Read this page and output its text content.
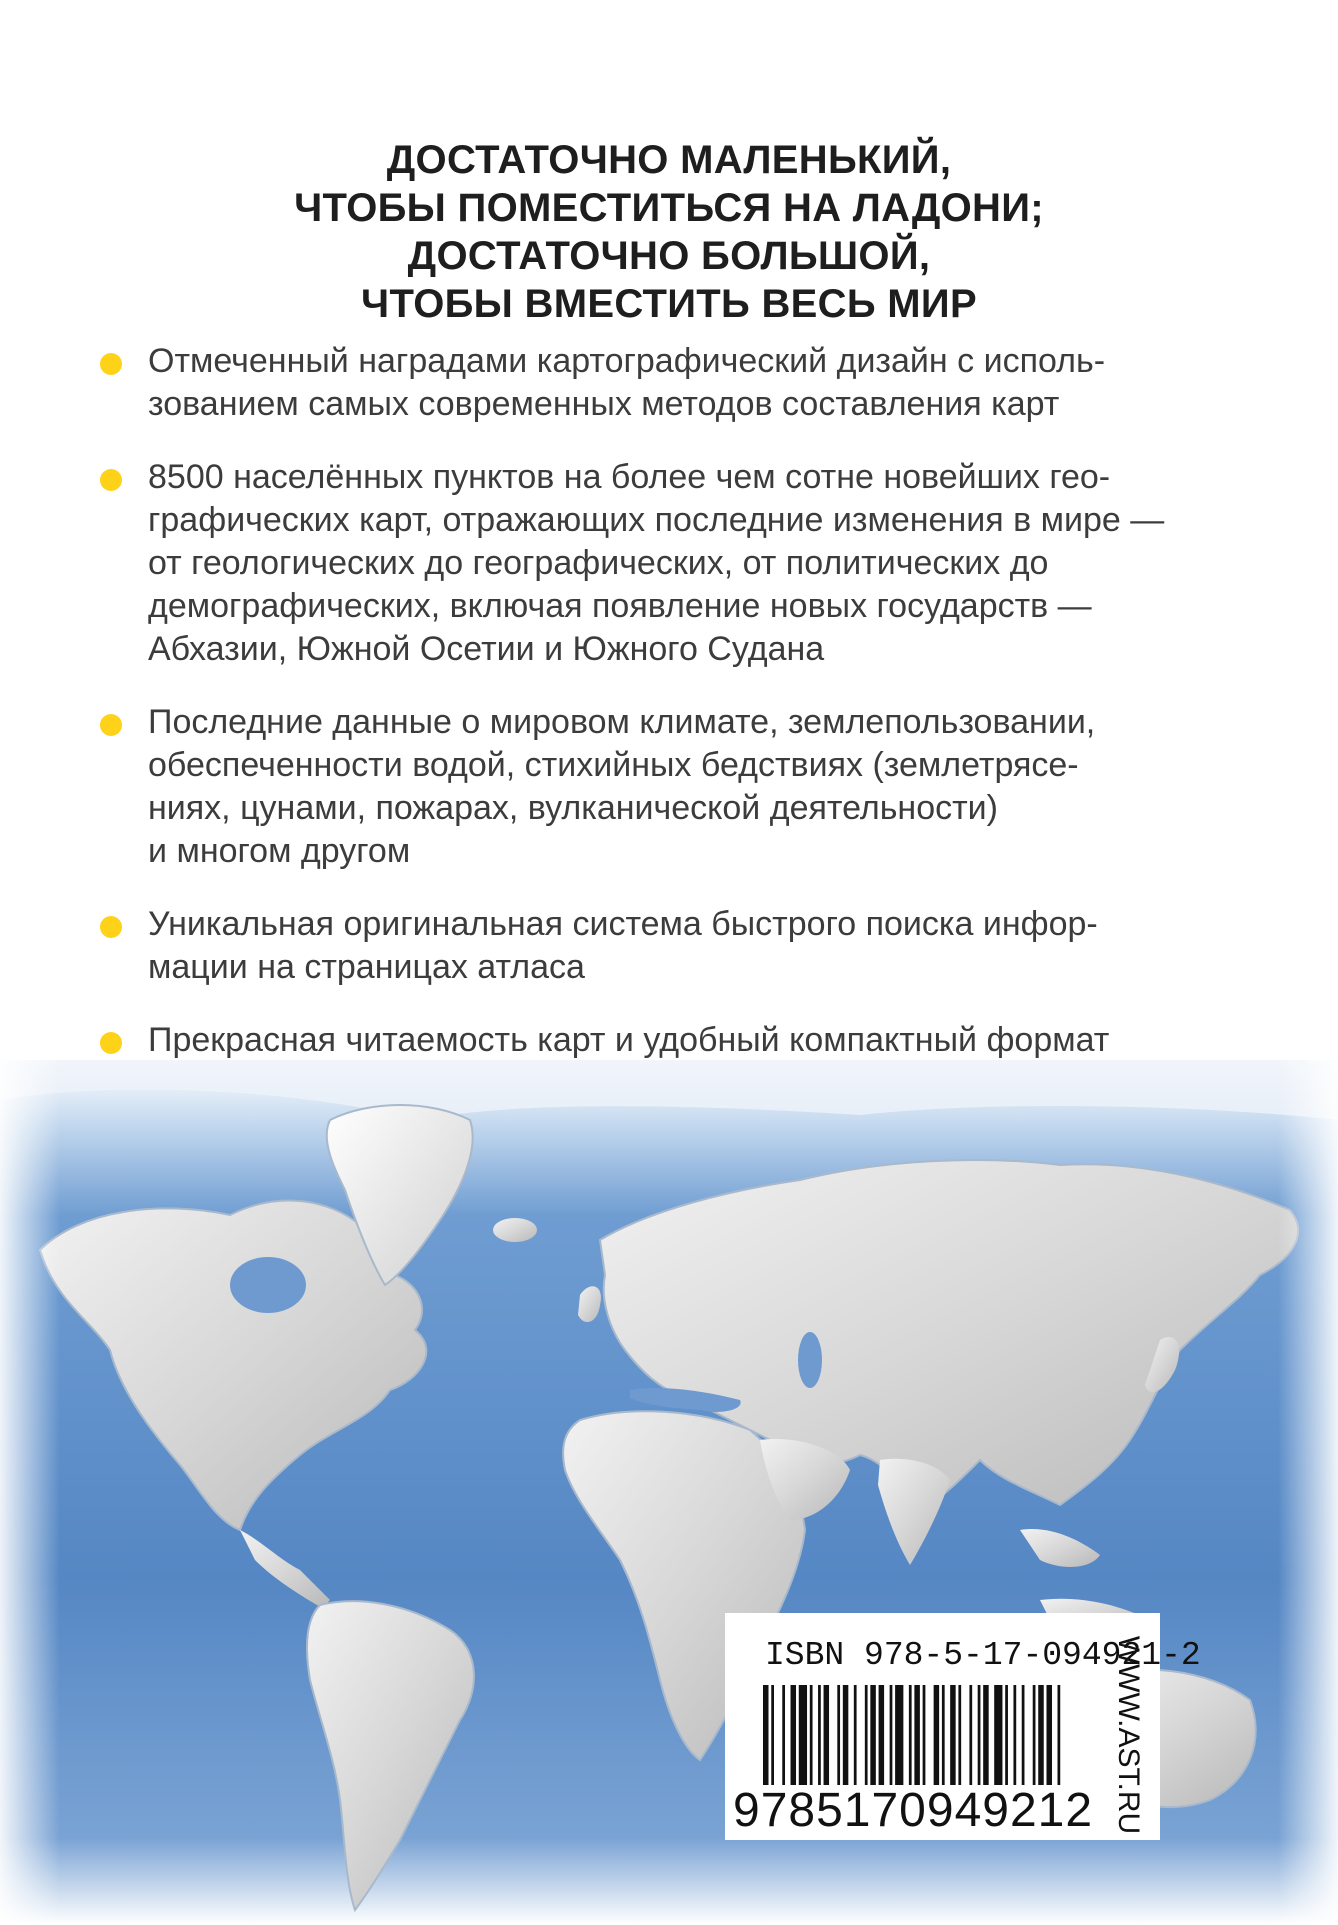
ДОСТАТОЧНО МАЛЕНЬКИЙ,
ЧТОБЫ ПОМЕСТИТЬСЯ НА ЛАДОНИ;
ДОСТАТОЧНО БОЛЬШОЙ,
ЧТОБЫ ВМЕСТИТЬ ВЕСЬ МИР
Отмеченный наградами картографический дизайн с исполь-
зованием самых современных методов составления карт
8500 населённых пунктов на более чем сотне новейших гео-
графических карт, отражающих последние изменения в мире —
от геологических до географических, от политических до
демографических, включая появление новых государств —
Абхазии, Южной Осетии и Южного Судана
Последние данные о мировом климате, землепользовании,
обеспеченности водой, стихийных бедствиях (землетрясе-
ниях, цунами, пожарах, вулканической деятельности)
и многом другом
Уникальная оригинальная система быстрого поиска инфор-
мации на страницах атласа
Прекрасная читаемость карт и удобный компактный формат
ISBN 978-5-17-094921-2
9785170949212 WWW.AST.RU
